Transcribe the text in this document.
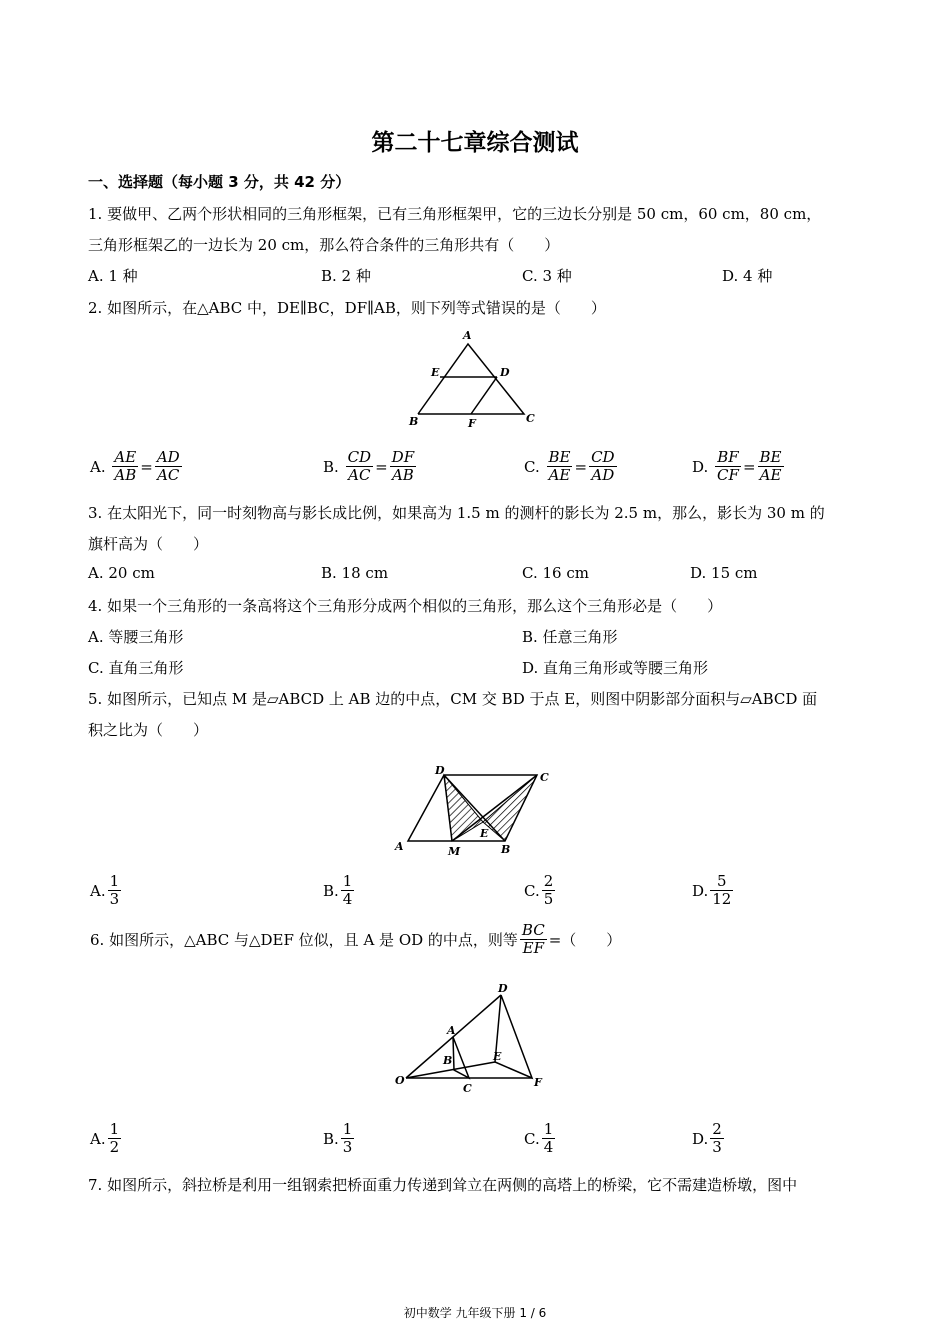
第二十七章综合测试
一、选择题（每小题 3 分，共 42 分）
1. 要做甲、乙两个形状相同的三角形框架，已有三角形框架甲，它的三边长分别是 50 cm，60 cm，80 cm，
三角形框架乙的一边长为 20 cm，那么符合条件的三角形共有（　　）
A. 1 种	B. 2 种	C. 3 种	D. 4 种
2. 如图所示，在△ABC 中，DE∥BC，DF∥AB，则下列等式错误的是（　　）
A
E	D
B	F	C
A. $\frac{AE}{AB} = \frac{AD}{AC}$	B. $\frac{CD}{AC} = \frac{DF}{AB}$	C. $\frac{BE}{AE} = \frac{CD}{AD}$	D. $\frac{BF}{CF} = \frac{BE}{AE}$
3. 在太阳光下，同一时刻物高与影长成比例，如果高为 1.5 m 的测杆的影长为 2.5 m，那么，影长为 30 m 的
旗杆高为（　　）
A. 20 cm	B. 18 cm	C. 16 cm	D. 15 cm
4. 如果一个三角形的一条高将这个三角形分成两个相似的三角形，那么这个三角形必是（　　）
A. 等腰三角形	B. 任意三角形
C. 直角三角形	D. 直角三角形或等腰三角形
5. 如图所示，已知点 M 是▱ABCD 上 AB 边的中点，CM 交 BD 于点 E，则图中阴影部分面积与▱ABCD 面
积之比为（　　）
D
C
E
A	M	B
A. $\frac{1}{3}$	B. $\frac{1}{4}$	C. $\frac{2}{5}$	D. $\frac{5}{12}$
6. 如图所示，△ABC 与△DEF 位似，且 A 是 OD 的中点，则等 $\frac{BC}{EF}$ =（　　）
D
A
B	E
O
C	F
A. $\frac{1}{2}$	B. $\frac{1}{3}$	C. $\frac{1}{4}$	D. $\frac{2}{3}$
7. 如图所示，斜拉桥是利用一组钢索把桥面重力传递到耸立在两侧的高塔上的桥梁，它不需建造桥墩，图中
初中数学 九年级下册 1 / 6
